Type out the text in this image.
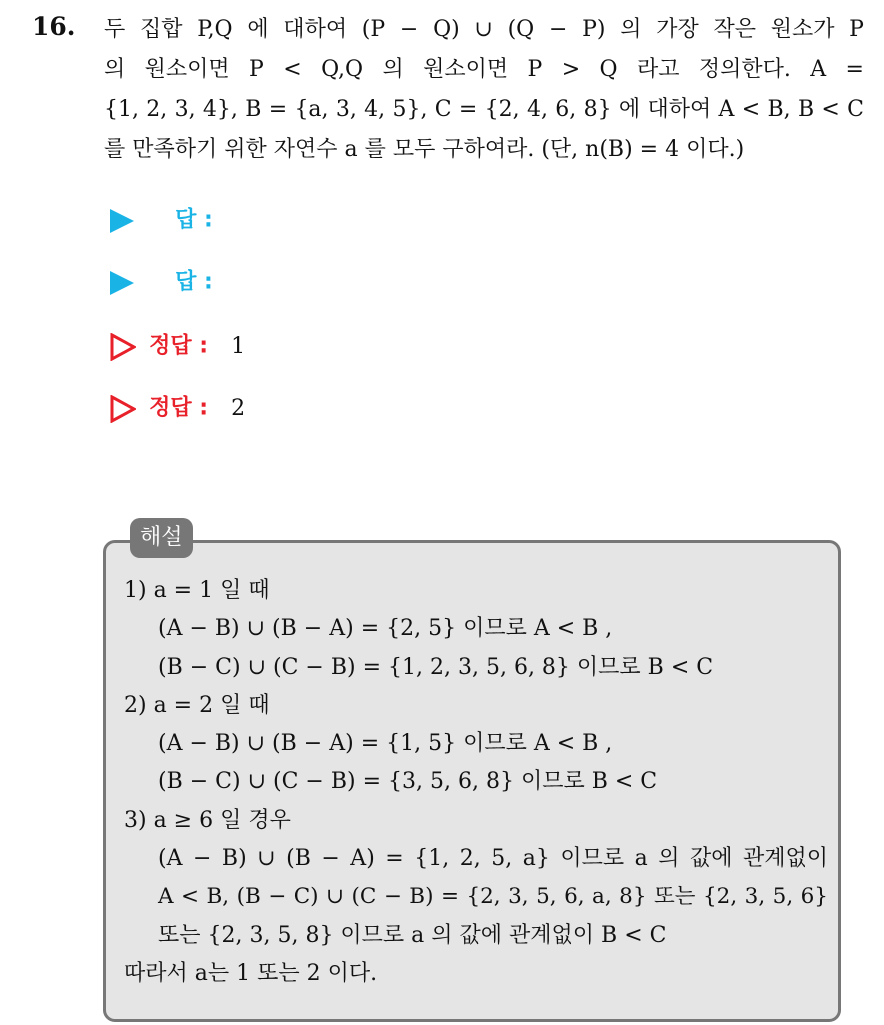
16. 두 집합 P,Q 에 대하여 (P − Q) ∪ (Q − P) 의 가장 작은 원소가 P
의 원소이면 P < Q,Q 의 원소이면 P > Q 라고 정의한다. A =
{1, 2, 3, 4}, B = {a, 3, 4, 5}, C = {2, 4, 6, 8} 에 대하여 A < B, B < C
를 만족하기 위한 자연수 a 를 모두 구하여라. (단, n(B) = 4 이다.)
답 :
답 :
정답 : 1
정답 : 2
해설
1) a = 1 일 때
(A − B) ∪ (B − A) = {2, 5} 이므로 A < B ,
(B − C) ∪ (C − B) = {1, 2, 3, 5, 6, 8} 이므로 B < C
2) a = 2 일 때
(A − B) ∪ (B − A) = {1, 5} 이므로 A < B ,
(B − C) ∪ (C − B) = {3, 5, 6, 8} 이므로 B < C
3) a ≥ 6 일 경우
(A − B) ∪ (B − A) = {1, 2, 5, a} 이므로 a 의 값에 관계없이
A < B, (B − C) ∪ (C − B) = {2, 3, 5, 6, a, 8} 또는 {2, 3, 5, 6}
또는 {2, 3, 5, 8} 이므로 a 의 값에 관계없이 B < C
따라서 a는 1 또는 2 이다.
